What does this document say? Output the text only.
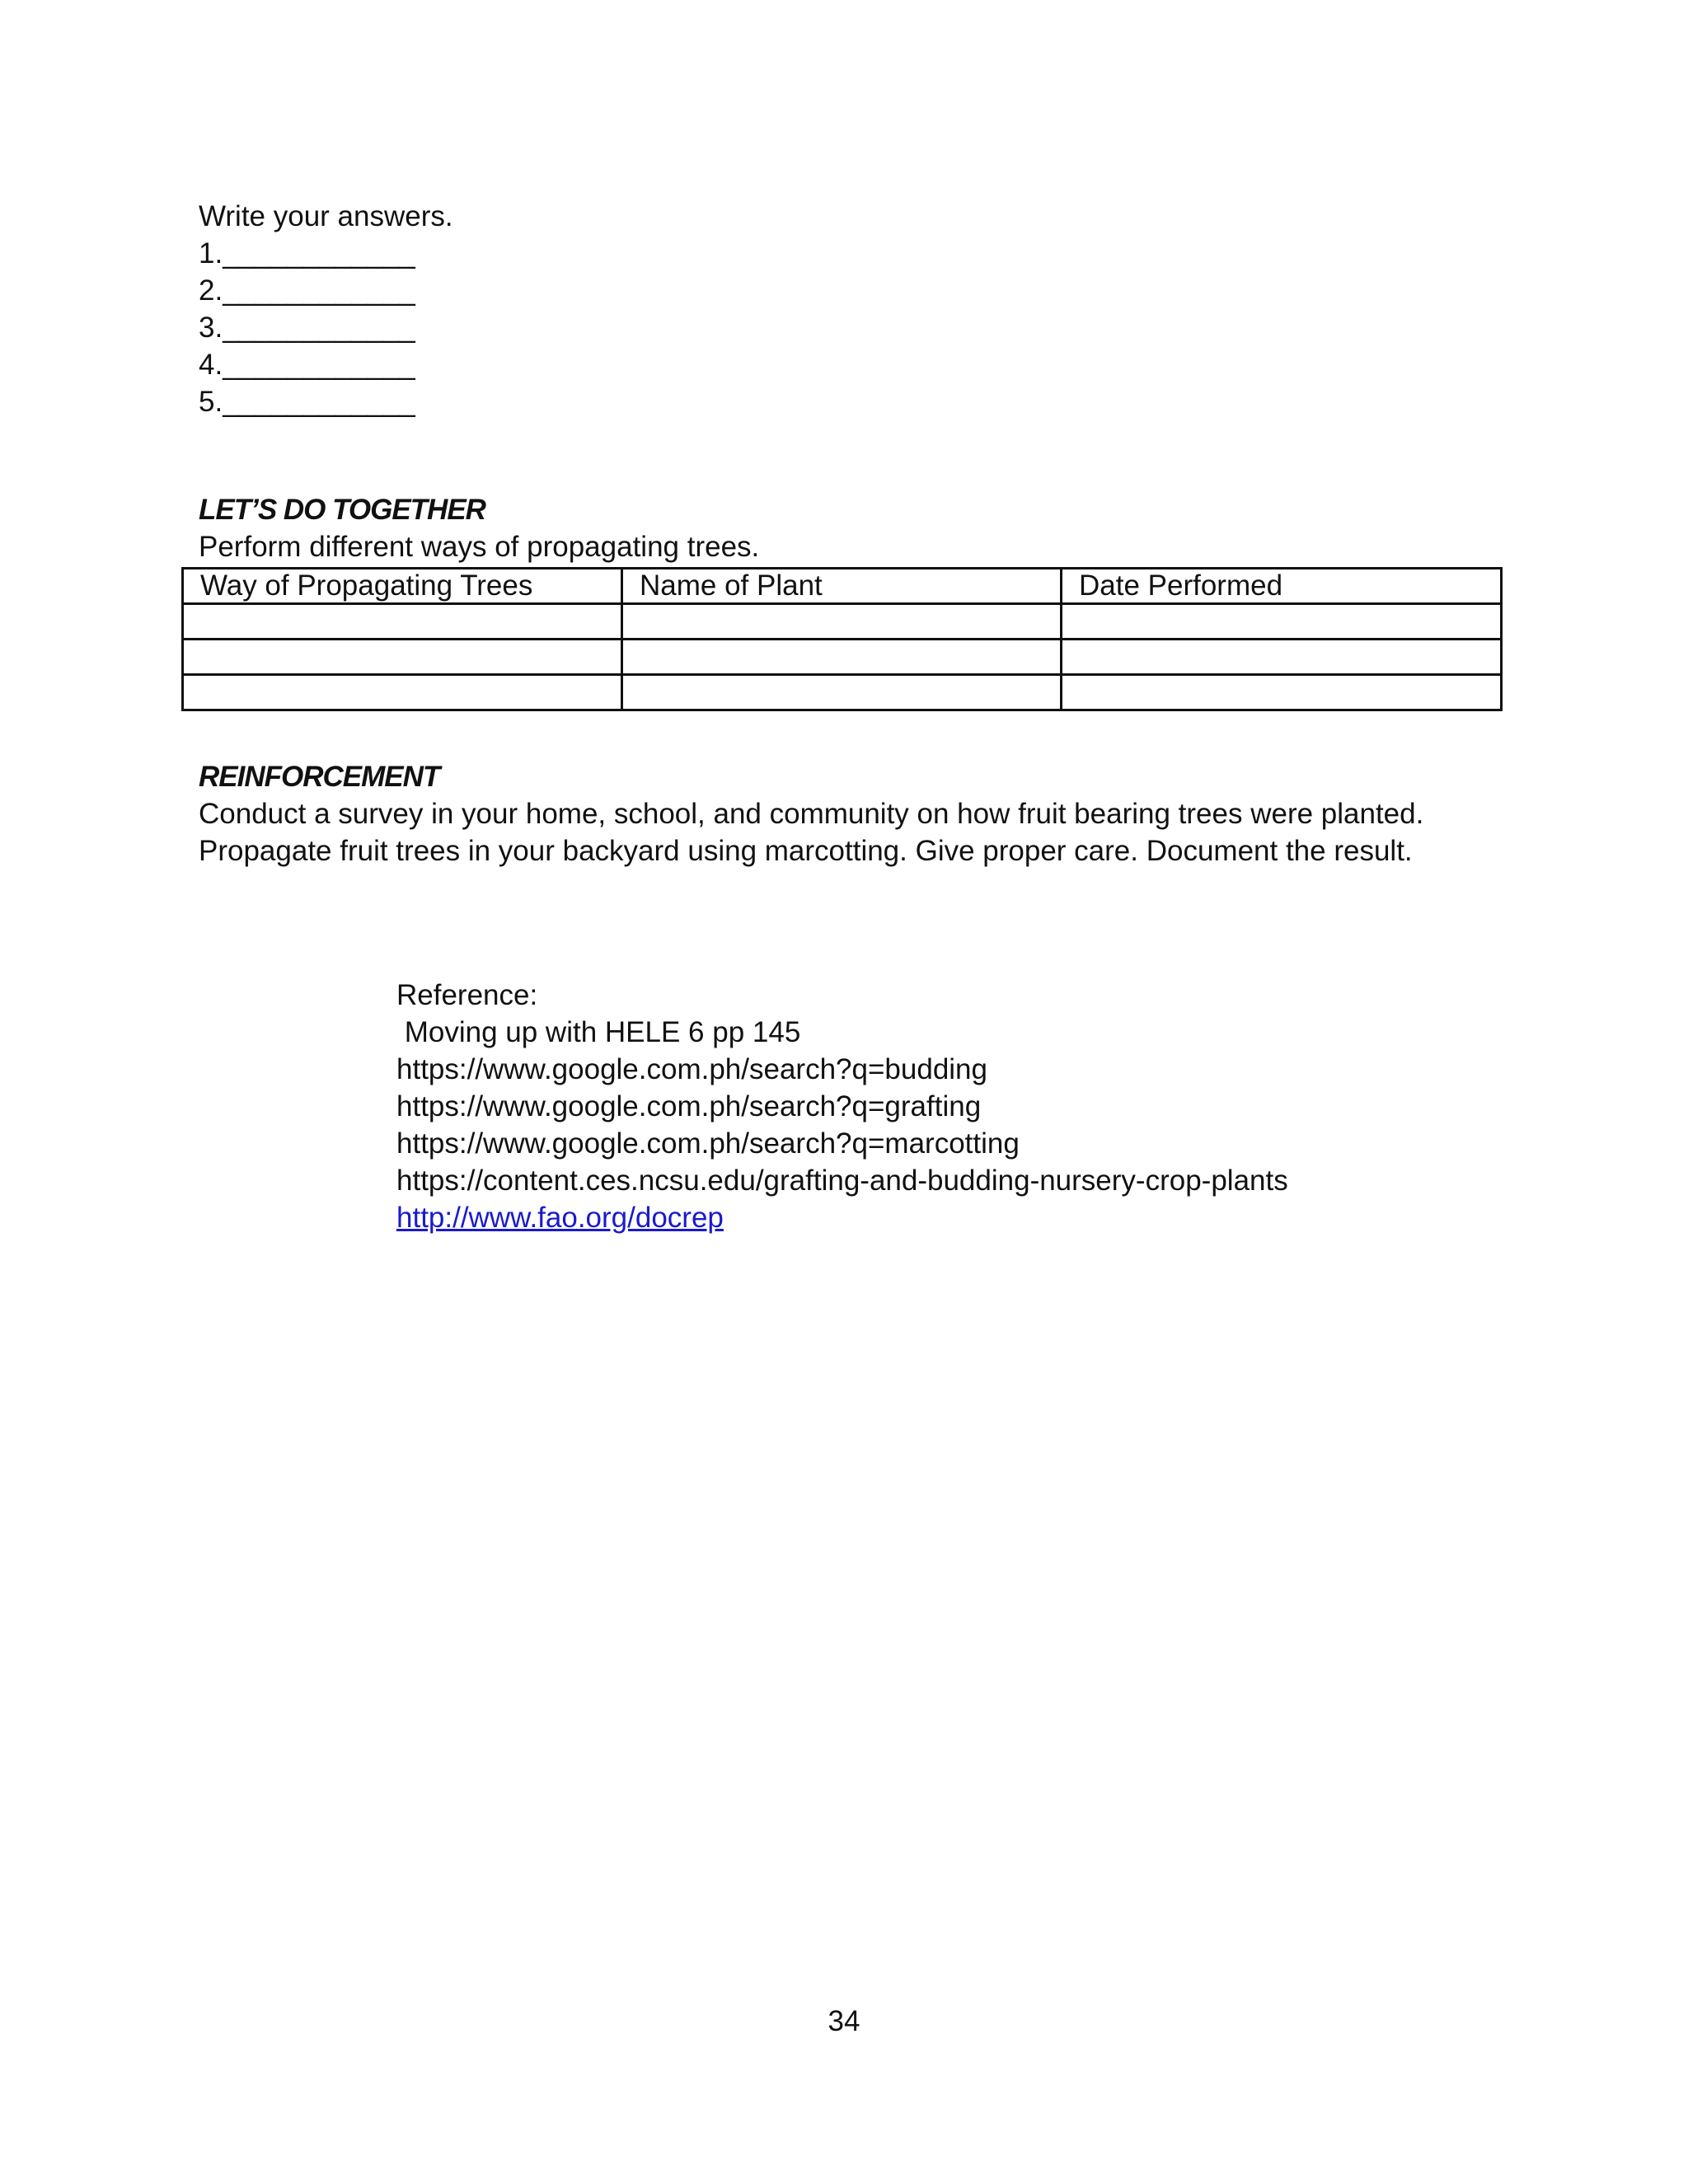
Write your answers.
1.____________
2.____________
3.____________
4.____________
5.____________
LET’S DO TOGETHER
Perform different ways of propagating trees.
Way of Propagating Trees	Name of Plant	Date Performed

REINFORCEMENT
Conduct a survey in your home, school, and community on how fruit bearing trees were planted.
Propagate fruit trees in your backyard using marcotting. Give proper care. Document the result.
Reference:
Moving up with HELE 6 pp 145
https://www.google.com.ph/search?q=budding
https://www.google.com.ph/search?q=grafting
https://www.google.com.ph/search?q=marcotting
https://content.ces.ncsu.edu/grafting-and-budding-nursery-crop-plants
http://www.fao.org/docrep
34
